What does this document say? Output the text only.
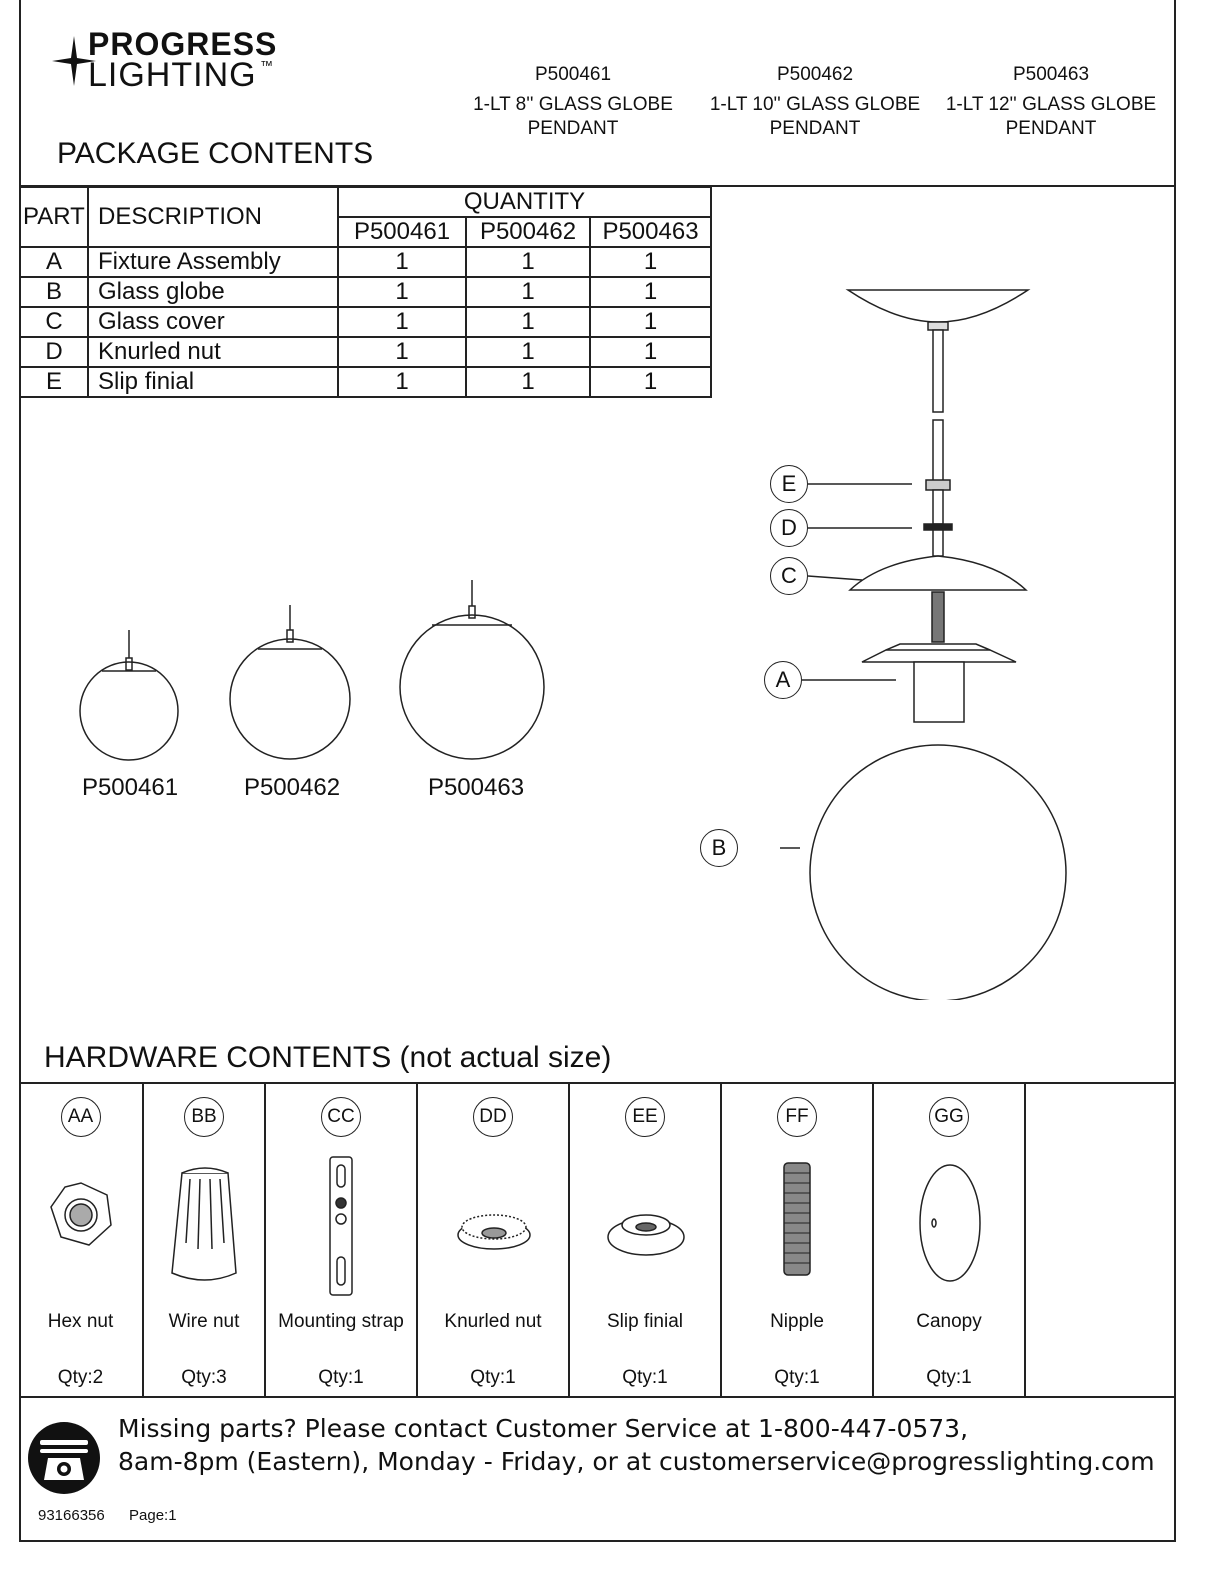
PROGRESS
LIGHTING ™	P500461
1-LT 8'' GLASS GLOBE
PENDANT
P500462
1-LT 10'' GLASS GLOBE
PENDANT
P500463
1-LT 12'' GLASS GLOBE
PENDANT
PACKAGE CONTENTS
PART	DESCRIPTION	QUANTITY		
		P500461	P500462	P500463
A	Fixture Assembly	1	1	1
B	Glass globe	1	1	1
C	Glass cover	1	1	1
D	Knurled nut	1	1	1
E	Slip finial	1	1	1
P500461	P500462	P500463
E
D
C
A
B
HARDWARE CONTENTS (not actual size)
AA
Hex nut
Qty:2
BB
Wire nut
Qty:3
CC
Mounting strap
Qty:1
DD
Knurled nut
Qty:1
EE
Slip finial
Qty:1
FF
Nipple
Qty:1
GG
Canopy
Qty:1
Missing parts? Please contact Customer Service at 1-800-447-0573,
8am-8pm (Eastern), Monday - Friday, or at customerservice@progresslighting.com
93166356 Page:1
